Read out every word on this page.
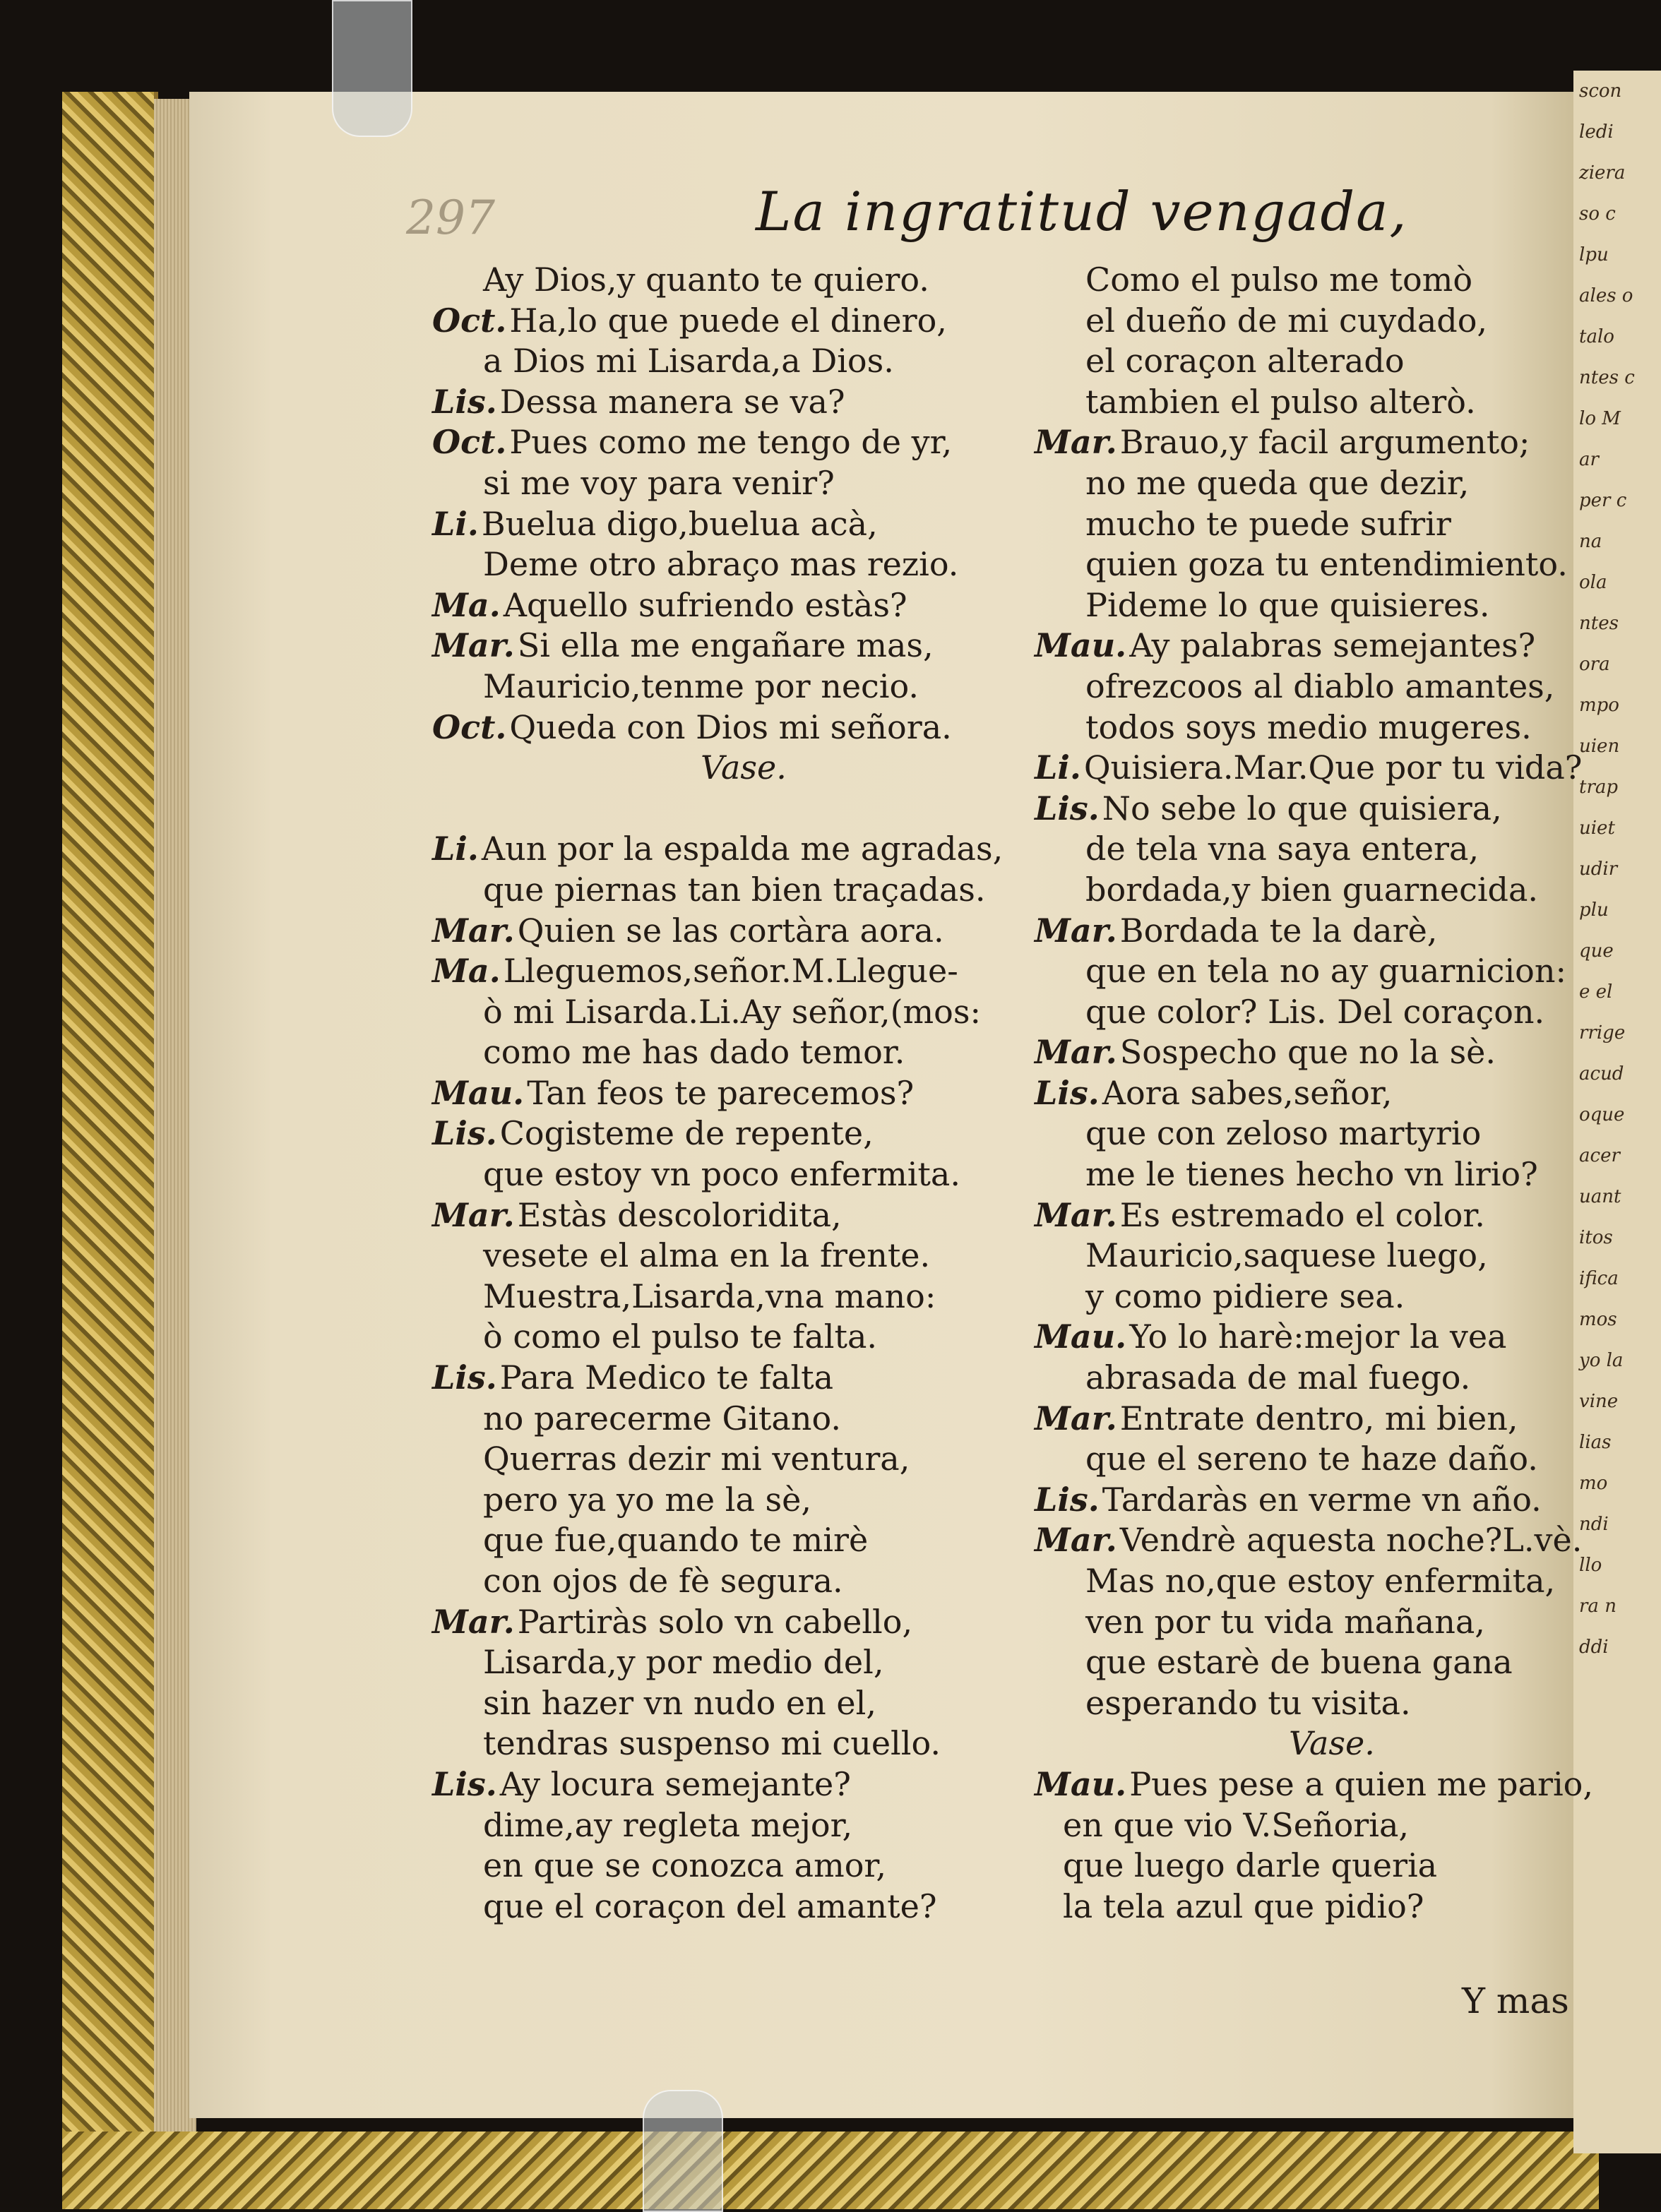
scon
ledi
ziera
so c
lpu
ales o
talo
ntes c
lo M
ar
per c
na
ola
ntes
ora
mpo
uien
trap
uiet
udir
plu
que
e el
rrige
acud
oque
acer
uant
itos
ifica
mos
yo la
vine
lias
mo
ndi
llo
ra n
ddi
297	La ingratitud vengada,
Ay Dios,y quanto te quiero.
Oct.Ha,lo que puede el dinero,
a Dios mi Lisarda,a Dios.
Lis.Dessa manera se va?
Oct.Pues como me tengo de yr,
si me voy para venir?
Li.Buelua digo,buelua acà,
Deme otro abraço mas rezio.
Ma.Aquello sufriendo estàs?
Mar.Si ella me engañare mas,
Mauricio,tenme por necio.
Oct.Queda con Dios mi señora.
Vase.
Li.Aun por la espalda me agradas,
que piernas tan bien traçadas.
Mar.Quien se las cortàra aora.
Ma.Lleguemos,señor.M.Llegue-
ò mi Lisarda.Li.Ay señor,(mos:
como me has dado temor.
Mau.Tan feos te parecemos?
Lis.Cogisteme de repente,
que estoy vn poco enfermita.
Mar.Estàs descoloridita,
vesete el alma en la frente.
Muestra,Lisarda,vna mano:
ò como el pulso te falta.
Lis.Para Medico te falta
no parecerme Gitano.
Querras dezir mi ventura,
pero ya yo me la sè,
que fue,quando te mirè
con ojos de fè segura.
Mar.Partiràs solo vn cabello,
Lisarda,y por medio del,
sin hazer vn nudo en el,
tendras suspenso mi cuello.
Lis.Ay locura semejante?
dime,ay regleta mejor,
en que se conozca amor,
que el coraçon del amante?
Como el pulso me tomò
el dueño de mi cuydado,
el coraçon alterado
tambien el pulso alterò.
Mar.Brauo,y facil argumento;
no me queda que dezir,
mucho te puede sufrir
quien goza tu entendimiento.
Pideme lo que quisieres.
Mau.Ay palabras semejantes?
ofrezcoos al diablo amantes,
todos soys medio mugeres.
Li.Quisiera.Mar.Que por tu vida?
Lis.No sebe lo que quisiera,
de tela vna saya entera,
bordada,y bien guarnecida.
Mar.Bordada te la darè,
que en tela no ay guarnicion:
que color? Lis. Del coraçon.
Mar.Sospecho que no la sè.
Lis.Aora sabes,señor,
que con zeloso martyrio
me le tienes hecho vn lirio?
Mar.Es estremado el color.
Mauricio,saquese luego,
y como pidiere sea.
Mau.Yo lo harè:mejor la vea
abrasada de mal fuego.
Mar.Entrate dentro, mi bien,
que el sereno te haze daño.
Lis.Tardaràs en verme vn año.
Mar.Vendrè aquesta noche?L.vè.
Mas no,que estoy enfermita,
ven por tu vida mañana,
que estarè de buena gana
esperando tu visita.
Vase.
Mau.Pues pese a quien me pario,
en que vio V.Señoria,
que luego darle queria
la tela azul que pidio?
Y mas
